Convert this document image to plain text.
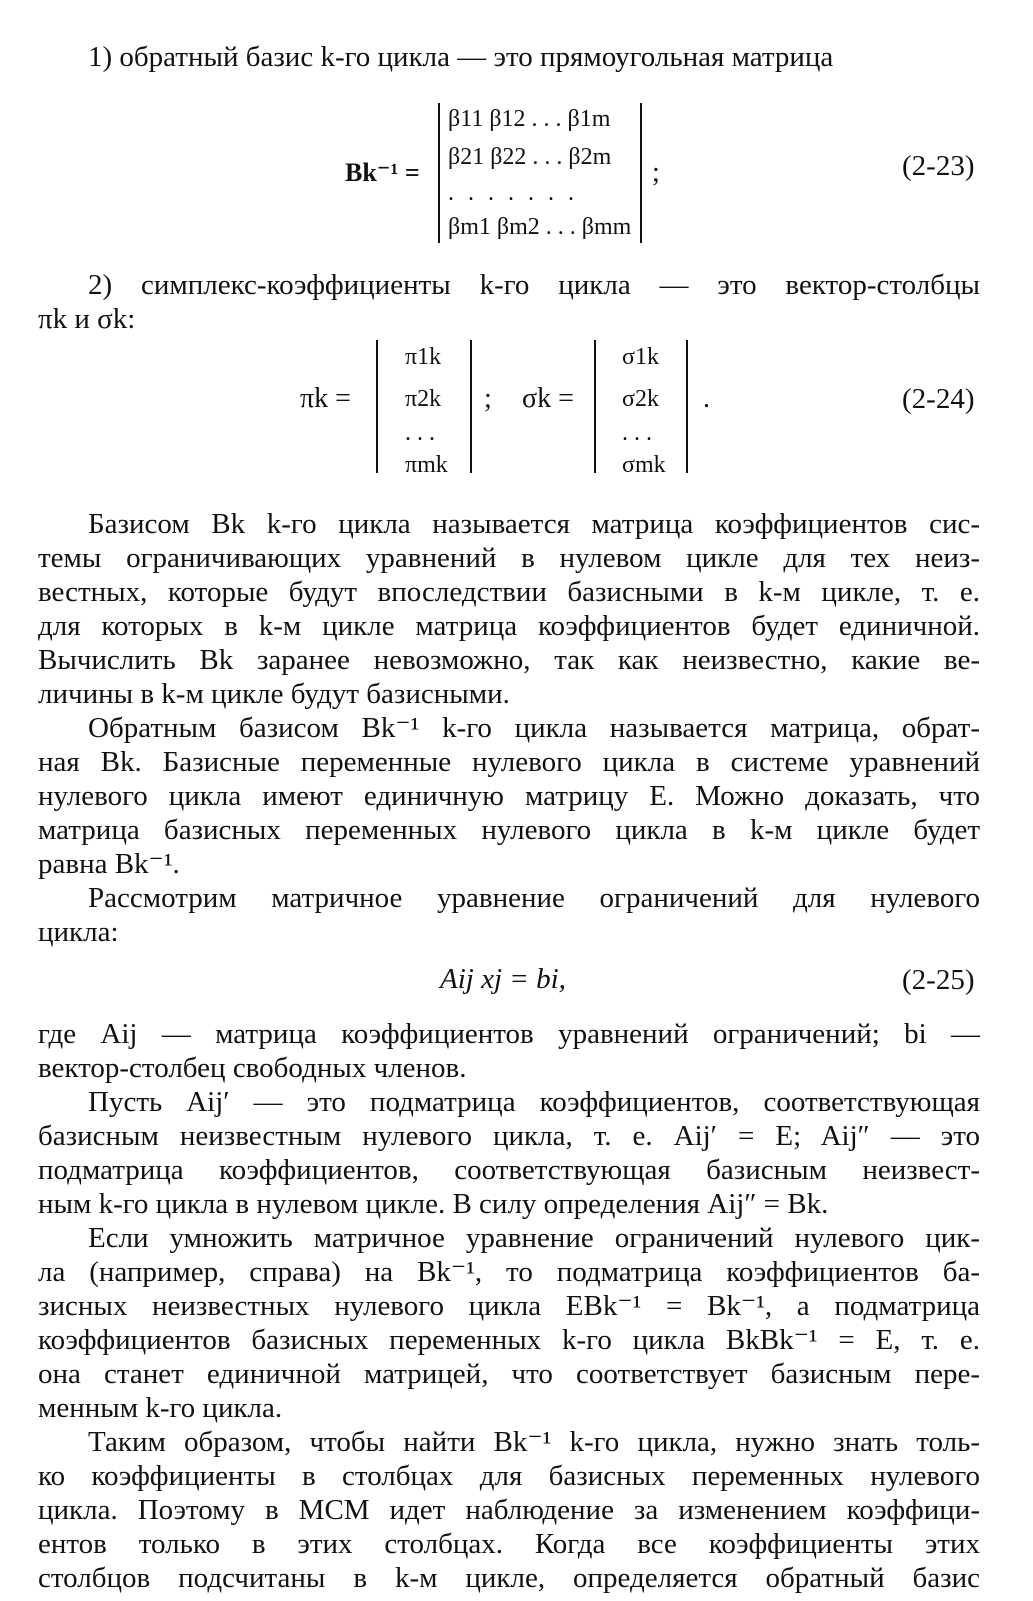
1) обратный базис k-го цикла — это прямоугольная матрица
Bk⁻¹ =
β11 β12 . . . β1m
β21 β22 . . . β2m
. . . . . . .
βm1 βm2 . . . βmm
;	(2-23)
2) симплекс-коэффициенты k-го цикла — это вектор-столбцы
πk и σk:
πk =
π1k
π2k
. . .
πmk
; σk =
σ1k
σ2k
. . .
σmk
.	(2-24)
Базисом Bk k-го цикла называется матрица коэффициентов сис-
темы ограничивающих уравнений в нулевом цикле для тех неиз-
вестных, которые будут впоследствии базисными в k-м цикле, т. е.
для которых в k-м цикле матрица коэффициентов будет единичной.
Вычислить Bk заранее невозможно, так как неизвестно, какие ве-
личины в k-м цикле будут базисными.
Обратным базисом Bk⁻¹ k-го цикла называется матрица, обрат-
ная Bk. Базисные переменные нулевого цикла в системе уравнений
нулевого цикла имеют единичную матрицу E. Можно доказать, что
матрица базисных переменных нулевого цикла в k-м цикле будет
равна Bk⁻¹.
Рассмотрим матричное уравнение ограничений для нулевого
цикла:
Aij xj = bi,	(2-25)
где Aij — матрица коэффициентов уравнений ограничений; bi —
вектор-столбец свободных членов.
Пусть Aij′ — это подматрица коэффициентов, соответствующая
базисным неизвестным нулевого цикла, т. е. Aij′ = E; Aij″ — это
подматрица коэффициентов, соответствующая базисным неизвест-
ным k-го цикла в нулевом цикле. В силу определения Aij″ = Bk.
Если умножить матричное уравнение ограничений нулевого цик-
ла (например, справа) на Bk⁻¹, то подматрица коэффициентов ба-
зисных неизвестных нулевого цикла EBk⁻¹ = Bk⁻¹, а подматрица
коэффициентов базисных переменных k-го цикла BkBk⁻¹ = E, т. е.
она станет единичной матрицей, что соответствует базисным пере-
менным k-го цикла.
Таким образом, чтобы найти Bk⁻¹ k-го цикла, нужно знать толь-
ко коэффициенты в столбцах для базисных переменных нулевого
цикла. Поэтому в МСМ идет наблюдение за изменением коэффици-
ентов только в этих столбцах. Когда все коэффициенты этих
столбцов подсчитаны в k-м цикле, определяется обратный базис
